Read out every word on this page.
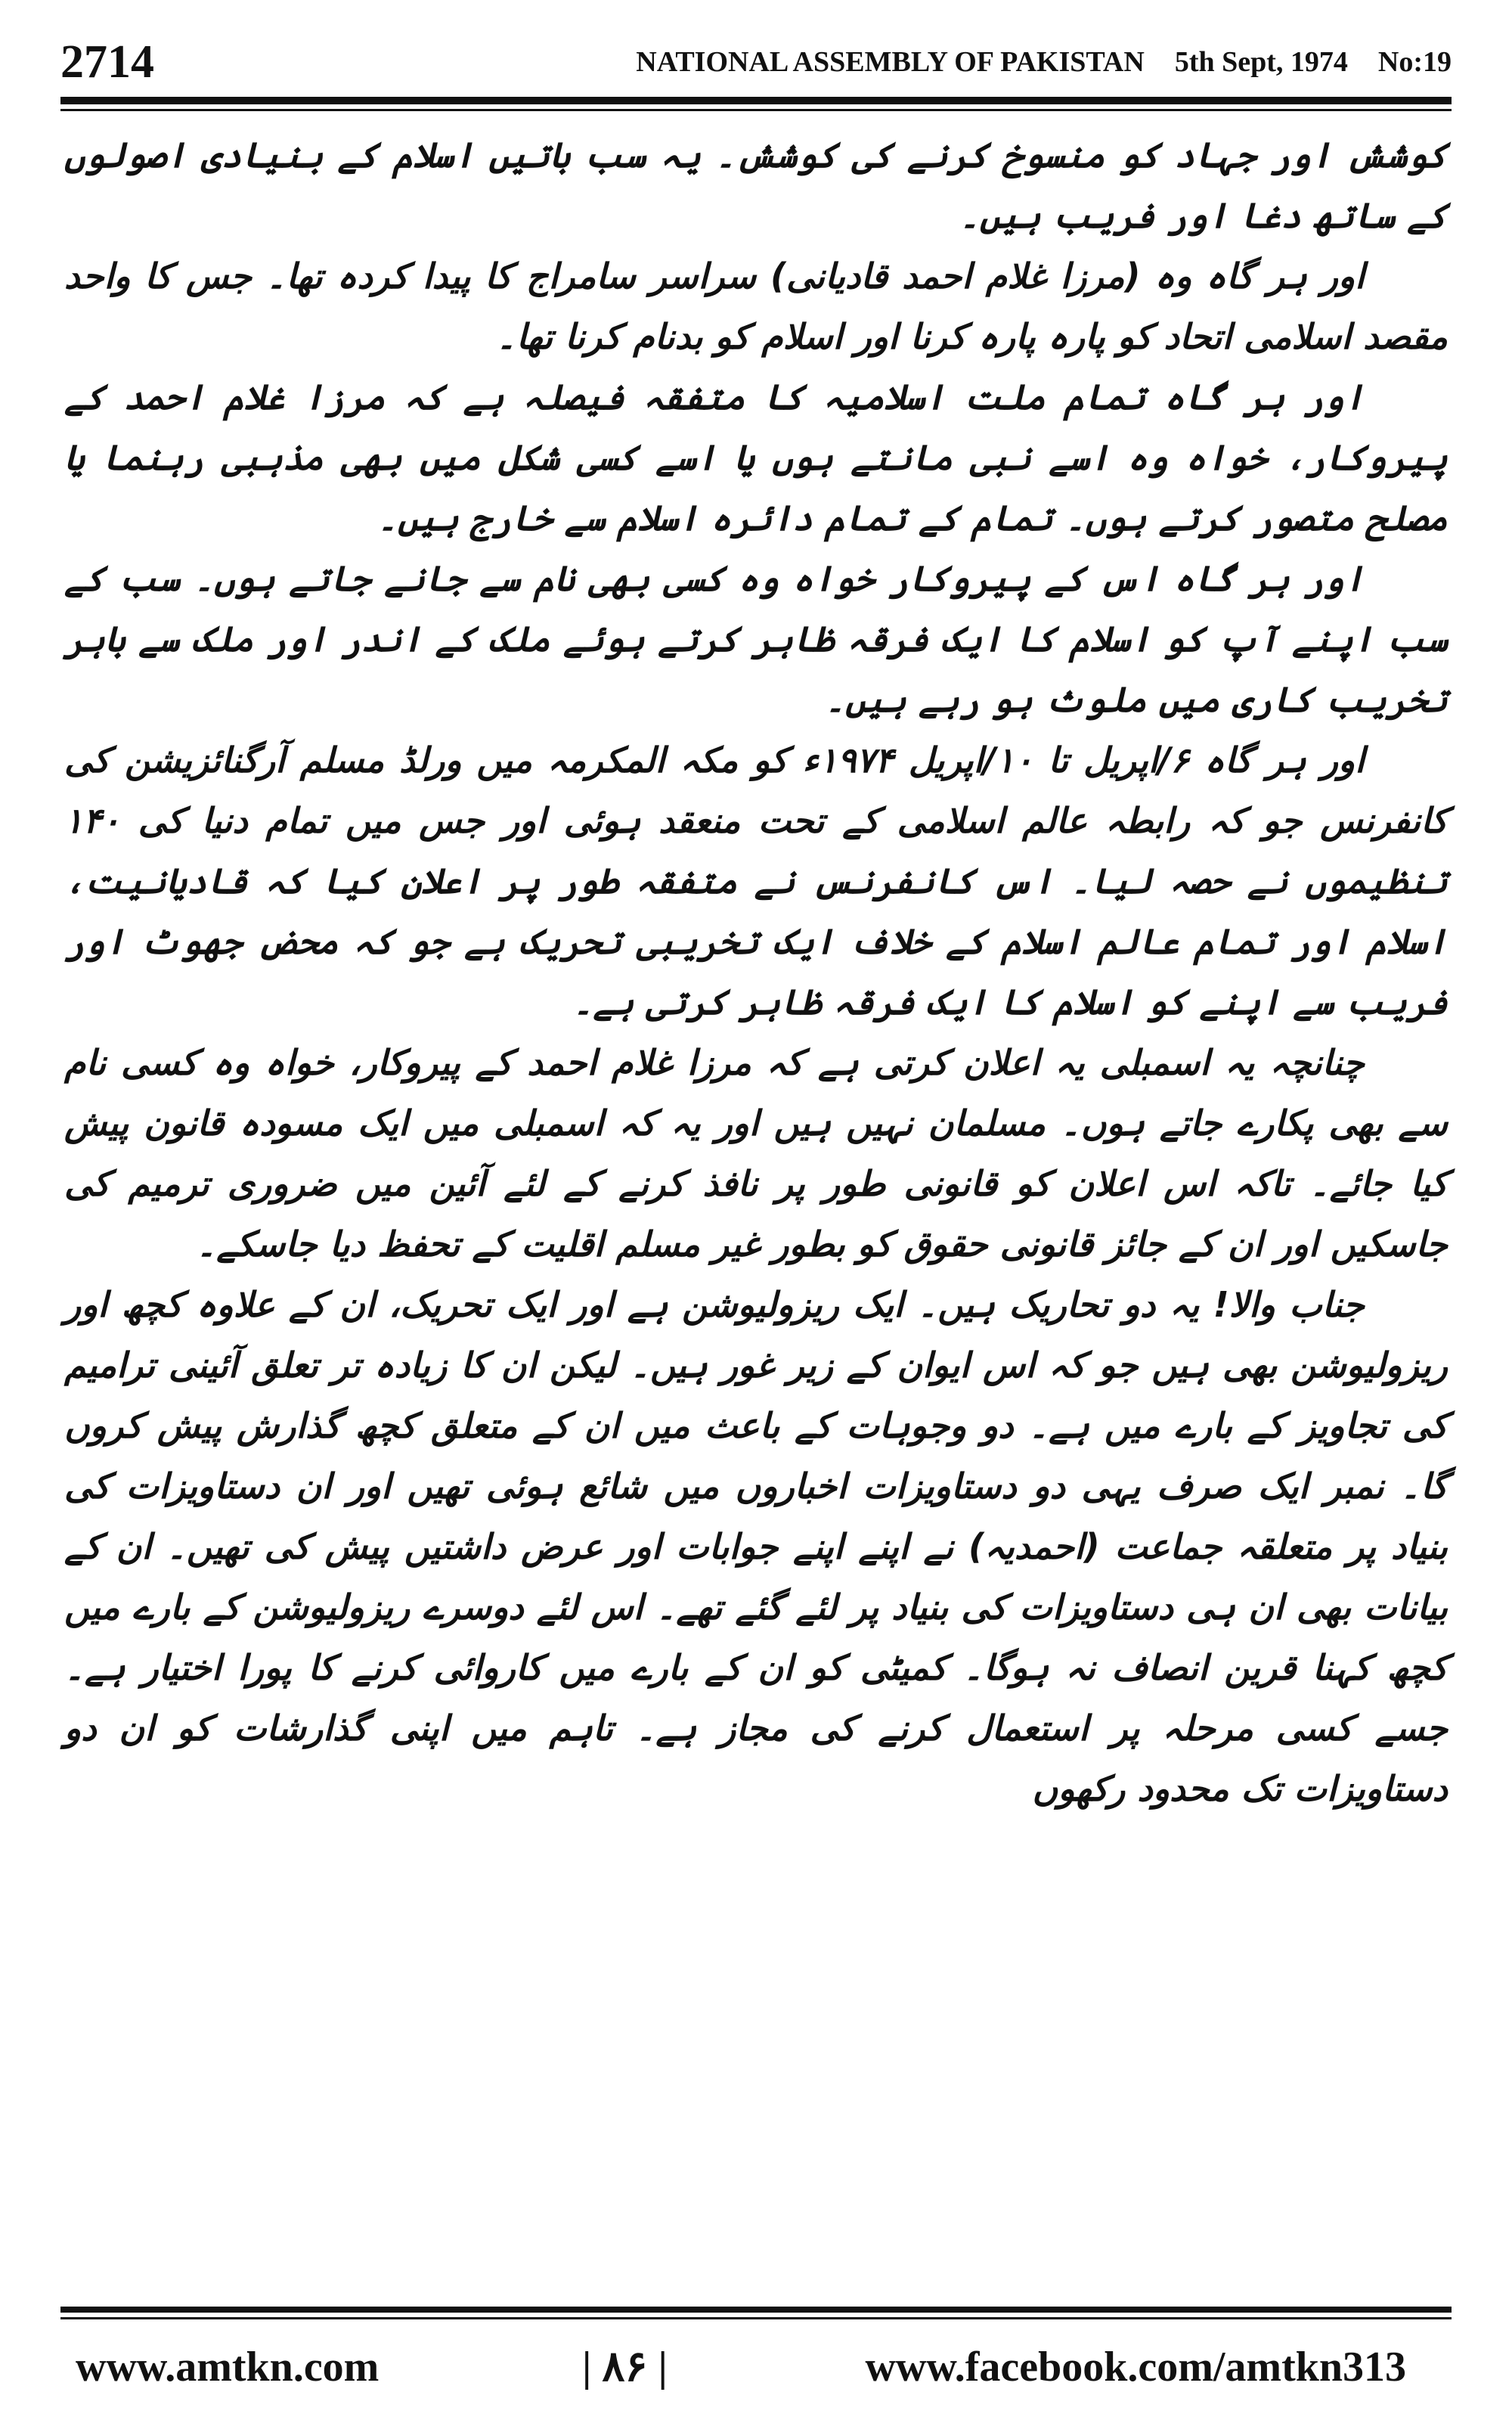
2714	NATIONAL ASSEMBLY OF PAKISTAN 5th Sept, 1974 No:19

کوشش اور جہاد کو منسوخ کرنے کی کوشش۔ یہ سب باتیں اسلام کے بنیادی اصولوں کے ساتھ دغا اور فریب ہیں۔

اور ہر گاہ وہ (مرزا غلام احمد قادیانی) سراسر سامراج کا پیدا کردہ تھا۔ جس کا واحد مقصد اسلامی اتحاد کو پارہ پارہ کرنا اور اسلام کو بدنام کرنا تھا۔

اور ہر گاہ تمام ملت اسلامیہ کا متفقہ فیصلہ ہے کہ مرزا غلام احمد کے پیروکار، خواہ وہ اسے نبی مانتے ہوں یا اسے کسی شکل میں بھی مذہبی رہنما یا مصلح متصور کرتے ہوں۔ تمام کے تمام دائرہ اسلام سے خارج ہیں۔

اور ہر گاہ اس کے پیروکار خواہ وہ کسی بھی نام سے جانے جاتے ہوں۔ سب کے سب اپنے آپ کو اسلام کا ایک فرقہ ظاہر کرتے ہوئے ملک کے اندر اور ملک سے باہر تخریب کاری میں ملوث ہو رہے ہیں۔

اور ہر گاہ ۶/اپریل تا ۱۰/اپریل ۱۹۷۴ء کو مکہ المکرمہ میں ورلڈ مسلم آرگنائزیشن کی کانفرنس جو کہ رابطہ عالم اسلامی کے تحت منعقد ہوئی اور جس میں تمام دنیا کی ۱۴۰ تنظیموں نے حصہ لیا۔ اس کانفرنس نے متفقہ طور پر اعلان کیا کہ قادیانیت، اسلام اور تمام عالم اسلام کے خلاف ایک تخریبی تحریک ہے جو کہ محض جھوٹ اور فریب سے اپنے کو اسلام کا ایک فرقہ ظاہر کرتی ہے۔

چنانچہ یہ اسمبلی یہ اعلان کرتی ہے کہ مرزا غلام احمد کے پیروکار، خواہ وہ کسی نام سے بھی پکارے جاتے ہوں۔ مسلمان نہیں ہیں اور یہ کہ اسمبلی میں ایک مسودہ قانون پیش کیا جائے۔ تاکہ اس اعلان کو قانونی طور پر نافذ کرنے کے لئے آئین میں ضروری ترمیم کی جاسکیں اور ان کے جائز قانونی حقوق کو بطور غیر مسلم اقلیت کے تحفظ دیا جاسکے۔

جناب والا! یہ دو تحاریک ہیں۔ ایک ریزولیوشن ہے اور ایک تحریک، ان کے علاوہ کچھ اور ریزولیوشن بھی ہیں جو کہ اس ایوان کے زیر غور ہیں۔ لیکن ان کا زیادہ تر تعلق آئینی ترامیم کی تجاویز کے بارے میں ہے۔ دو وجوہات کے باعث میں ان کے متعلق کچھ گذارش پیش کروں گا۔ نمبر ایک صرف یہی دو دستاویزات اخباروں میں شائع ہوئی تھیں اور ان دستاویزات کی بنیاد پر متعلقہ جماعت (احمدیہ) نے اپنے اپنے جوابات اور عرض داشتیں پیش کی تھیں۔ ان کے بیانات بھی ان ہی دستاویزات کی بنیاد پر لئے گئے تھے۔ اس لئے دوسرے ریزولیوشن کے بارے میں کچھ کہنا قرین انصاف نہ ہوگا۔ کمیٹی کو ان کے بارے میں کاروائی کرنے کا پورا اختیار ہے۔ جسے کسی مرحلہ پر استعمال کرنے کی مجاز ہے۔ تاہم میں اپنی گذارشات کو ان دو دستاویزات تک محدود رکھوں

www.amtkn.com	| ۸۶ |	www.facebook.com/amtkn313
